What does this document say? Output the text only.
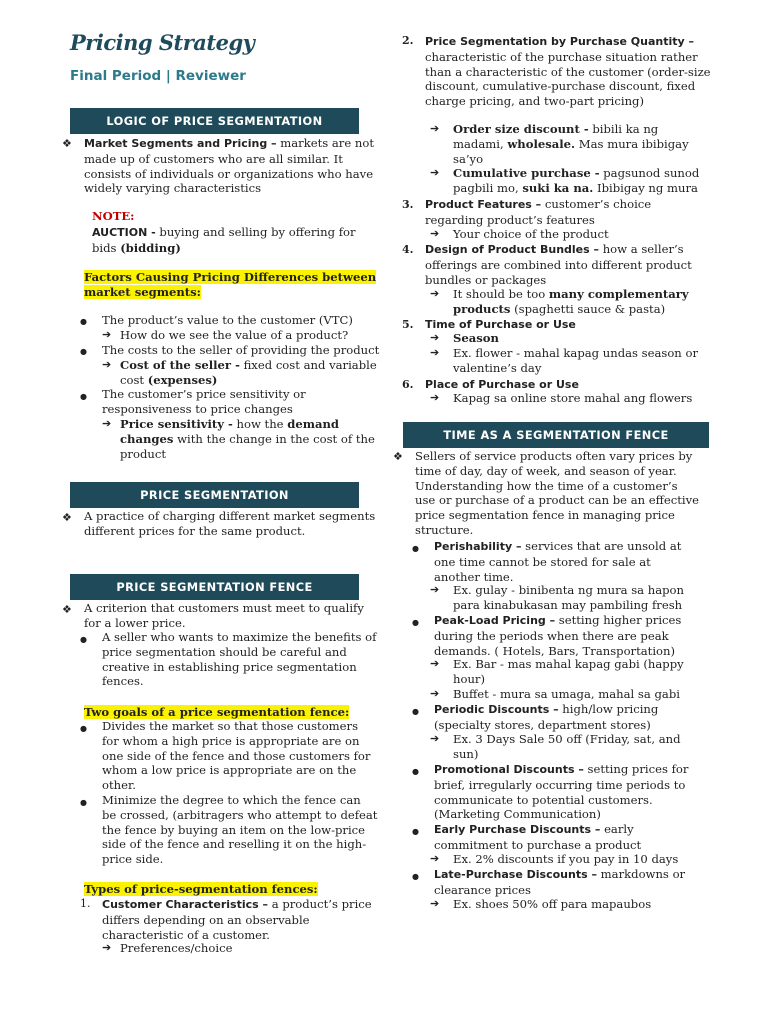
Pricing Strategy
Final Period | Reviewer
LOGIC OF PRICE SEGMENTATION
❖ Market Segments and Pricing – markets are not made up of customers who are all similar. It consists of individuals or organizations who have widely varying characteristics
NOTE:
AUCTION - buying and selling by offering for bids (bidding)
Factors Causing Pricing Differences between market segments:
● The product’s value to the customer (VTC)
➔ How do we see the value of a product?
● The costs to the seller of providing the product
➔ Cost of the seller - fixed cost and variable cost (expenses)
● The customer’s price sensitivity or responsiveness to price changes
➔ Price sensitivity - how the demand changes with the change in the cost of the product
PRICE SEGMENTATION
❖ A practice of charging different market segments different prices for the same product.
PRICE SEGMENTATION FENCE
❖ A criterion that customers must meet to qualify for a lower price.
● A seller who wants to maximize the benefits of price segmentation should be careful and creative in establishing price segmentation fences.
Two goals of a price segmentation fence:
● Divides the market so that those customers for whom a high price is appropriate are on one side of the fence and those customers for whom a low price is appropriate are on the other.
● Minimize the degree to which the fence can be crossed, (arbitragers who attempt to defeat the fence by buying an item on the low-price side of the fence and reselling it on the high-price side.
Types of price-segmentation fences:
1. Customer Characteristics – a product’s price differs depending on an observable characteristic of a customer.
➔ Preferences/choice
2. Price Segmentation by Purchase Quantity – characteristic of the purchase situation rather than a characteristic of the customer (order-size discount, cumulative-purchase discount, fixed charge pricing, and two-part pricing)
➔ Order size discount - bibili ka ng madami, wholesale. Mas mura ibibigay sa’yo
➔ Cumulative purchase - pagsunod sunod pagbili mo, suki ka na. Ibibigay ng mura
3. Product Features – customer’s choice regarding product’s features
➔ Your choice of the product
4. Design of Product Bundles – how a seller’s offerings are combined into different product bundles or packages
➔ It should be too many complementary products (spaghetti sauce & pasta)
5. Time of Purchase or Use
➔ Season
➔ Ex. flower - mahal kapag undas season or valentine’s day
6. Place of Purchase or Use
➔ Kapag sa online store mahal ang flowers
TIME AS A SEGMENTATION FENCE
❖ Sellers of service products often vary prices by time of day, day of week, and season of year. Understanding how the time of a customer’s use or purchase of a product can be an effective price segmentation fence in managing price structure.
● Perishability – services that are unsold at one time cannot be stored for sale at another time.
➔ Ex. gulay - binibenta ng mura sa hapon para kinabukasan may pambiling fresh
● Peak-Load Pricing – setting higher prices during the periods when there are peak demands. ( Hotels, Bars, Transportation)
➔ Ex. Bar - mas mahal kapag gabi (happy hour)
➔ Buffet - mura sa umaga, mahal sa gabi
● Periodic Discounts – high/low pricing (specialty stores, department stores)
➔ Ex. 3 Days Sale 50 off (Friday, sat, and sun)
● Promotional Discounts – setting prices for brief, irregularly occurring time periods to communicate to potential customers. (Marketing Communication)
● Early Purchase Discounts – early commitment to purchase a product
➔ Ex. 2% discounts if you pay in 10 days
● Late-Purchase Discounts – markdowns or clearance prices
➔ Ex. shoes 50% off para mapaubos
